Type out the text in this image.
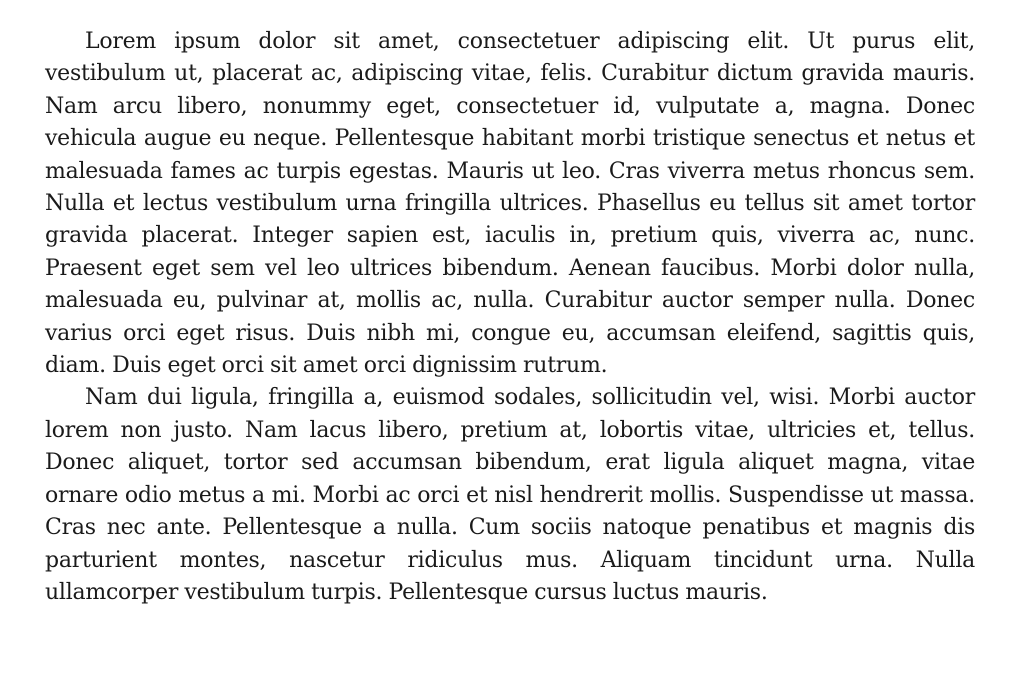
Lorem ipsum dolor sit amet, consectetuer adipiscing elit. Ut purus elit, vestibulum ut, placerat ac, adipiscing vitae, felis. Curabitur dictum gravida mauris. Nam arcu libero, nonummy eget, consectetuer id, vulputate a, magna. Donec vehicula augue eu neque. Pellentesque habitant morbi tristique senectus et netus et malesuada fames ac turpis egestas. Mauris ut leo. Cras viverra metus rhoncus sem. Nulla et lectus vestibulum urna fringilla ultrices. Phasellus eu tellus sit amet tortor gravida placerat. Integer sapien est, iaculis in, pretium quis, viverra ac, nunc. Praesent eget sem vel leo ultrices bibendum. Aenean faucibus. Morbi dolor nulla, malesuada eu, pulvinar at, mollis ac, nulla. Curabitur auctor semper nulla. Donec varius orci eget risus. Duis nibh mi, congue eu, accumsan eleifend, sagittis quis, diam. Duis eget orci sit amet orci dignissim rutrum.

Nam dui ligula, fringilla a, euismod sodales, sollicitudin vel, wisi. Morbi auctor lorem non justo. Nam lacus libero, pretium at, lobortis vitae, ultricies et, tellus. Donec aliquet, tortor sed accumsan bibendum, erat ligula aliquet magna, vitae ornare odio metus a mi. Morbi ac orci et nisl hendrerit mollis. Suspendisse ut massa. Cras nec ante. Pellentesque a nulla. Cum sociis natoque penatibus et magnis dis parturient montes, nascetur ridiculus mus. Aliquam tincidunt urna. Nulla ullamcorper vestibulum turpis. Pellentesque cursus luctus mauris.
